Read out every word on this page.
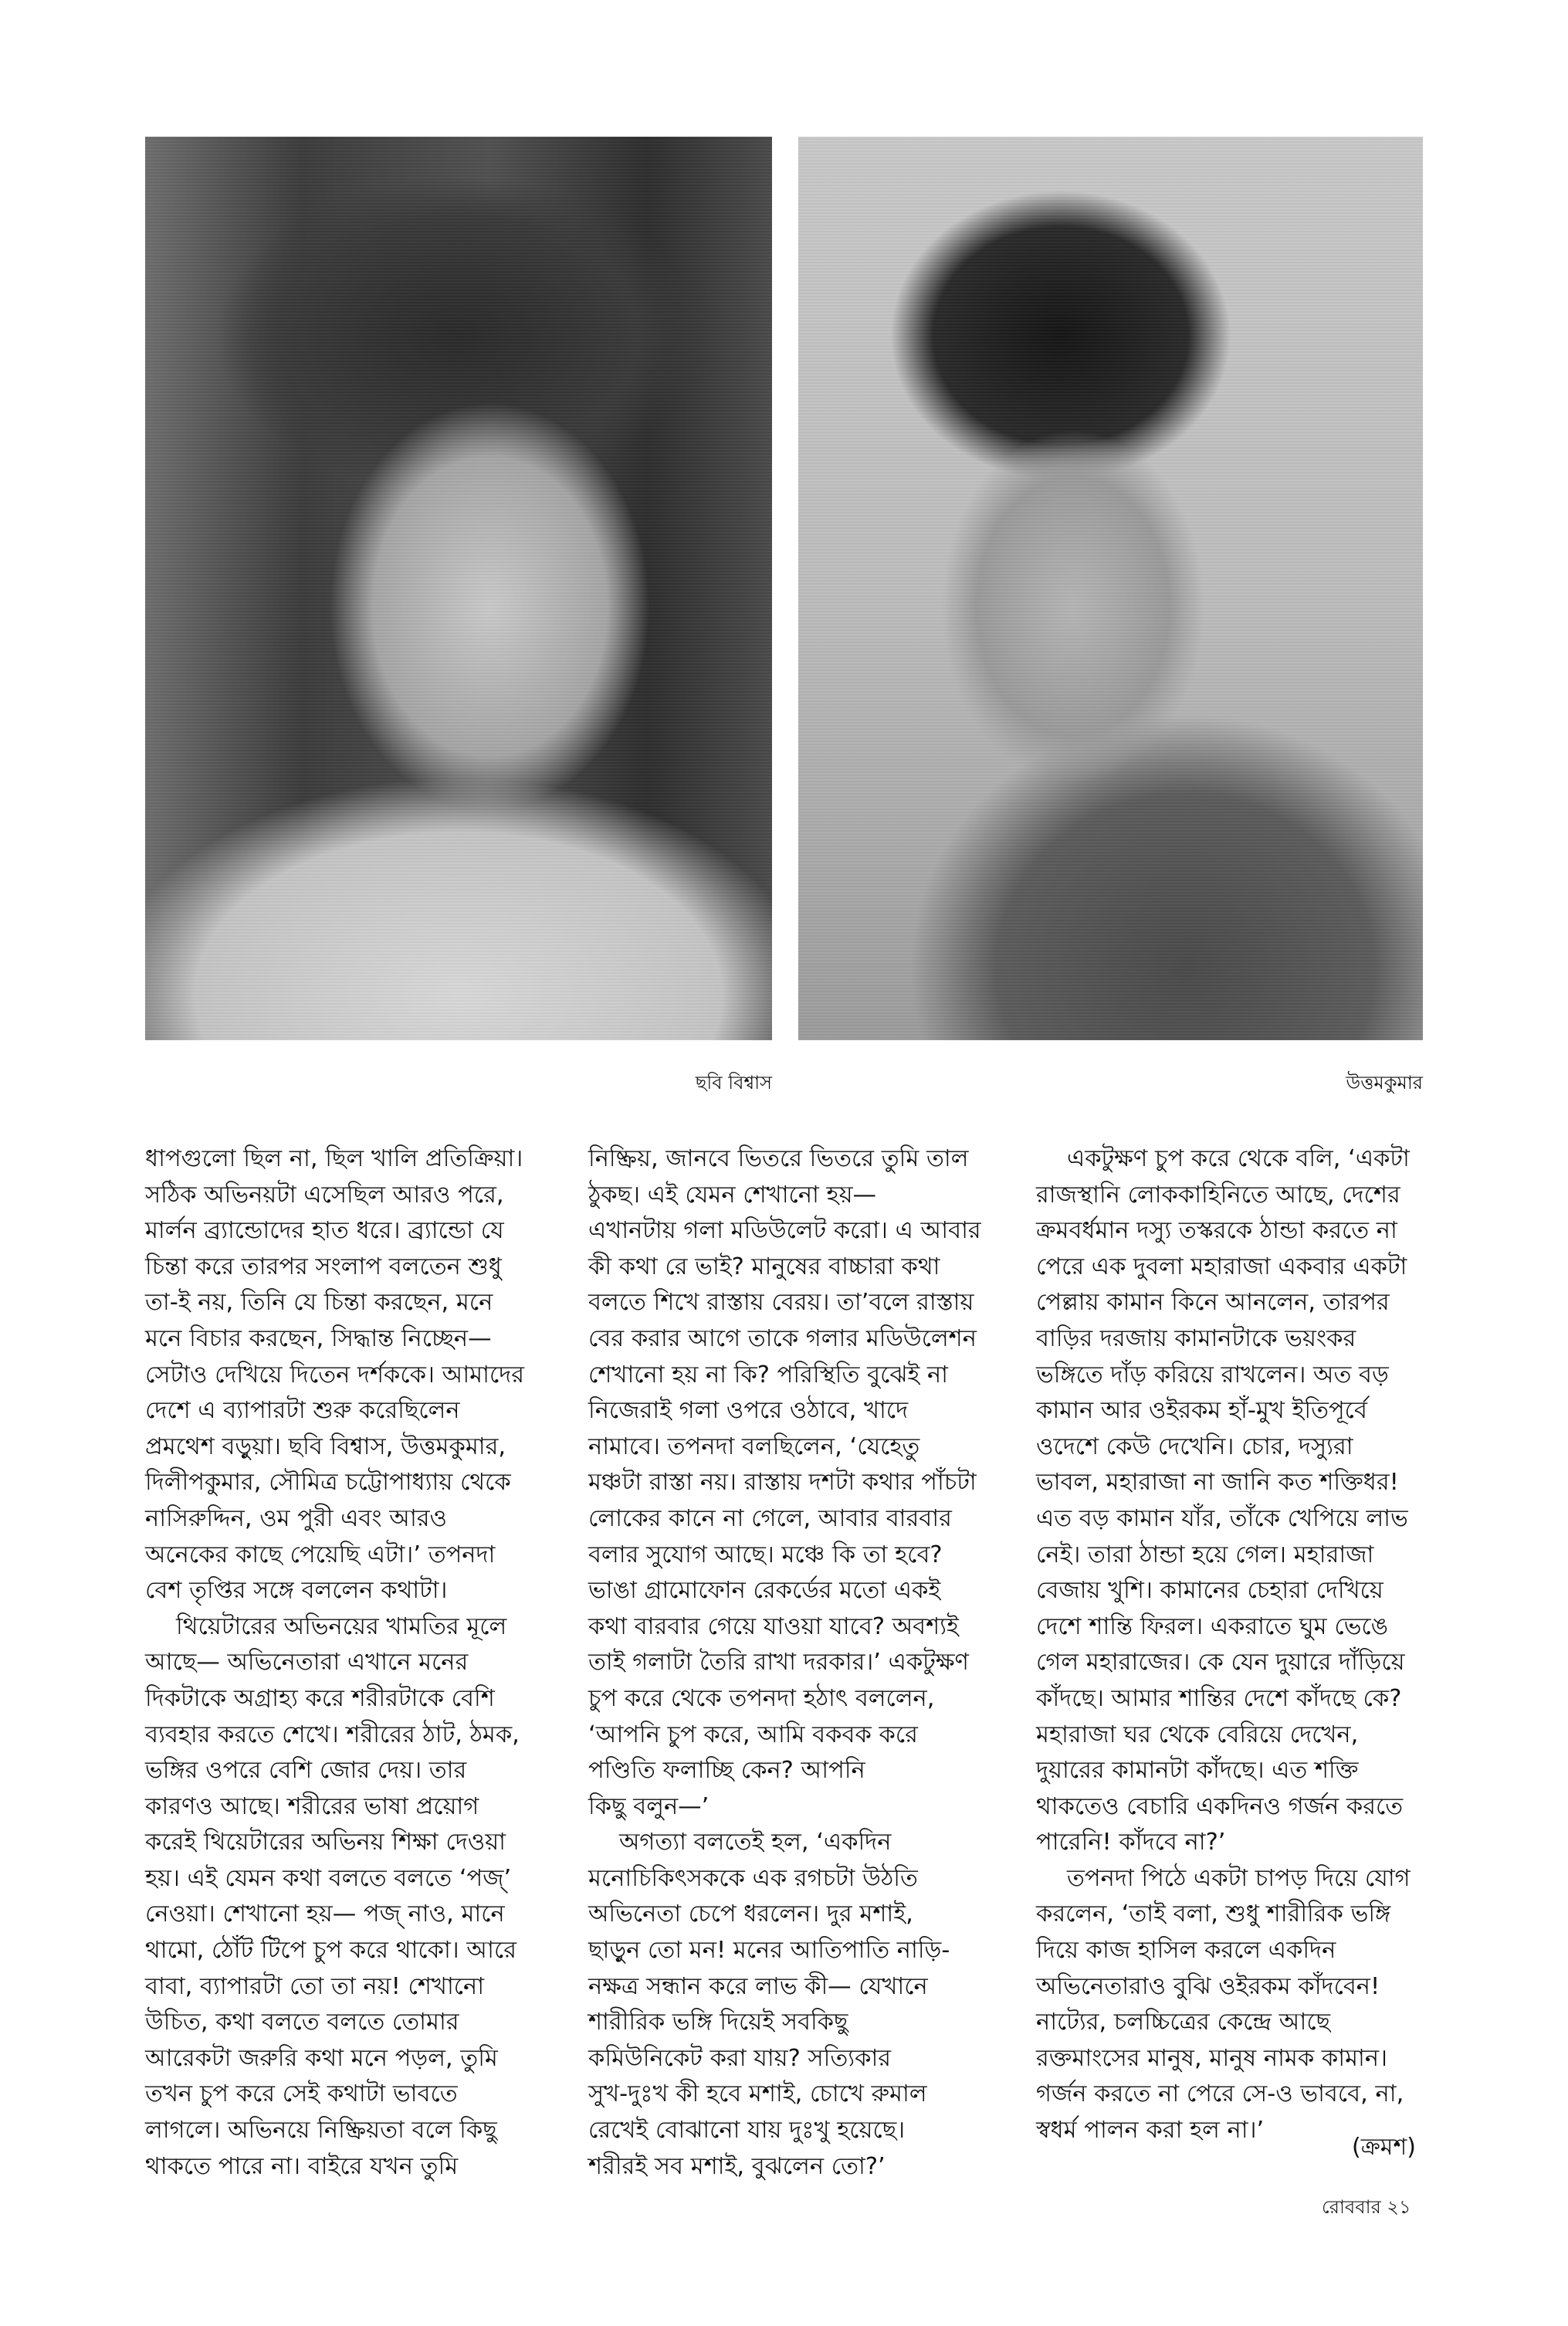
ছবি বিশ্বাস	উত্তমকুমার
ধাপগুলো ছিল না, ছিল খালি প্রতিক্রিয়া।
সঠিক অভিনয়টা এসেছিল আরও পরে,
মার্লন ব্র্যান্ডোদের হাত ধরে। ব্র্যান্ডো যে
চিন্তা করে তারপর সংলাপ বলতেন শুধু
তা-ই নয়, তিনি যে চিন্তা করছেন, মনে
মনে বিচার করছেন, সিদ্ধান্ত নিচ্ছেন—
সেটাও দেখিয়ে দিতেন দর্শককে। আমাদের
দেশে এ ব্যাপারটা শুরু করেছিলেন
প্রমথেশ বড়ুয়া। ছবি বিশ্বাস, উত্তমকুমার,
দিলীপকুমার, সৌমিত্র চট্টোপাধ্যায় থেকে
নাসিরুদ্দিন, ওম পুরী এবং আরও
অনেকের কাছে পেয়েছি এটা।’ তপনদা
বেশ তৃপ্তির সঙ্গে বললেন কথাটা।
থিয়েটারের অভিনয়ের খামতির মূলে
আছে— অভিনেতারা এখানে মনের
দিকটাকে অগ্রাহ্য করে শরীরটাকে বেশি
ব্যবহার করতে শেখে। শরীরের ঠাট, ঠমক,
ভঙ্গির ওপরে বেশি জোর দেয়। তার
কারণও আছে। শরীরের ভাষা প্রয়োগ
করেই থিয়েটারের অভিনয় শিক্ষা দেওয়া
হয়। এই যেমন কথা বলতে বলতে ‘পজ্’
নেওয়া। শেখানো হয়— পজ্ নাও, মানে
থামো, ঠোঁট টিপে চুপ করে থাকো। আরে
বাবা, ব্যাপারটা তো তা নয়! শেখানো
উচিত, কথা বলতে বলতে তোমার
আরেকটা জরুরি কথা মনে পড়ল, তুমি
তখন চুপ করে সেই কথাটা ভাবতে
লাগলে। অভিনয়ে নিষ্ক্রিয়তা বলে কিছু
থাকতে পারে না। বাইরে যখন তুমি
নিষ্ক্রিয়, জানবে ভিতরে ভিতরে তুমি তাল
ঠুকছ। এই যেমন শেখানো হয়—
এখানটায় গলা মডিউলেট করো। এ আবার
কী কথা রে ভাই? মানুষের বাচ্চারা কথা
বলতে শিখে রাস্তায় বেরয়। তা’বলে রাস্তায়
বের করার আগে তাকে গলার মডিউলেশন
শেখানো হয় না কি? পরিস্থিতি বুঝেই না
নিজেরাই গলা ওপরে ওঠাবে, খাদে
নামাবে। তপনদা বলছিলেন, ‘যেহেতু
মঞ্চটা রাস্তা নয়। রাস্তায় দশটা কথার পাঁচটা
লোকের কানে না গেলে, আবার বারবার
বলার সুযোগ আছে। মঞ্চে কি তা হবে?
ভাঙা গ্রামোফোন রেকর্ডের মতো একই
কথা বারবার গেয়ে যাওয়া যাবে? অবশ্যই
তাই গলাটা তৈরি রাখা দরকার।’ একটুক্ষণ
চুপ করে থেকে তপনদা হঠাৎ বললেন,
‘আপনি চুপ করে, আমি বকবক করে
পণ্ডিতি ফলাচ্ছি কেন? আপনি
কিছু বলুন—’
অগত্যা বলতেই হল, ‘একদিন
মনোচিকিৎসককে এক রগচটা উঠতি
অভিনেতা চেপে ধরলেন। দুর মশাই,
ছাড়ুন তো মন! মনের আতিপাতি নাড়ি-
নক্ষত্র সন্ধান করে লাভ কী— যেখানে
শারীরিক ভঙ্গি দিয়েই সবকিছু
কমিউনিকেট করা যায়? সত্যিকার
সুখ-দুঃখ কী হবে মশাই, চোখে রুমাল
রেখেই বোঝানো যায় দুঃখু হয়েছে।
শরীরই সব মশাই, বুঝলেন তো?’
একটুক্ষণ চুপ করে থেকে বলি, ‘একটা
রাজস্থানি লোককাহিনিতে আছে, দেশের
ক্রমবর্ধমান দস্যু তস্করকে ঠান্ডা করতে না
পেরে এক দুবলা মহারাজা একবার একটা
পেল্লায় কামান কিনে আনলেন, তারপর
বাড়ির দরজায় কামানটাকে ভয়ংকর
ভঙ্গিতে দাঁড় করিয়ে রাখলেন। অত বড়
কামান আর ওইরকম হাঁ-মুখ ইতিপূর্বে
ওদেশে কেউ দেখেনি। চোর, দস্যুরা
ভাবল, মহারাজা না জানি কত শক্তিধর!
এত বড় কামান যাঁর, তাঁকে খেপিয়ে লাভ
নেই। তারা ঠান্ডা হয়ে গেল। মহারাজা
বেজায় খুশি। কামানের চেহারা দেখিয়ে
দেশে শান্তি ফিরল। একরাতে ঘুম ভেঙে
গেল মহারাজের। কে যেন দুয়ারে দাঁড়িয়ে
কাঁদছে। আমার শান্তির দেশে কাঁদছে কে?
মহারাজা ঘর থেকে বেরিয়ে দেখেন,
দুয়ারের কামানটা কাঁদছে। এত শক্তি
থাকতেও বেচারি একদিনও গর্জন করতে
পারেনি! কাঁদবে না?’
তপনদা পিঠে একটা চাপড় দিয়ে যোগ
করলেন, ‘তাই বলা, শুধু শারীরিক ভঙ্গি
দিয়ে কাজ হাসিল করলে একদিন
অভিনেতারাও বুঝি ওইরকম কাঁদবেন!
নাট্যের, চলচ্চিত্রের কেন্দ্রে আছে
রক্তমাংসের মানুষ, মানুষ নামক কামান।
গর্জন করতে না পেরে সে-ও ভাববে, না,
স্বধর্ম পালন করা হল না।’
(ক্রমশ)
রোববার ২১
